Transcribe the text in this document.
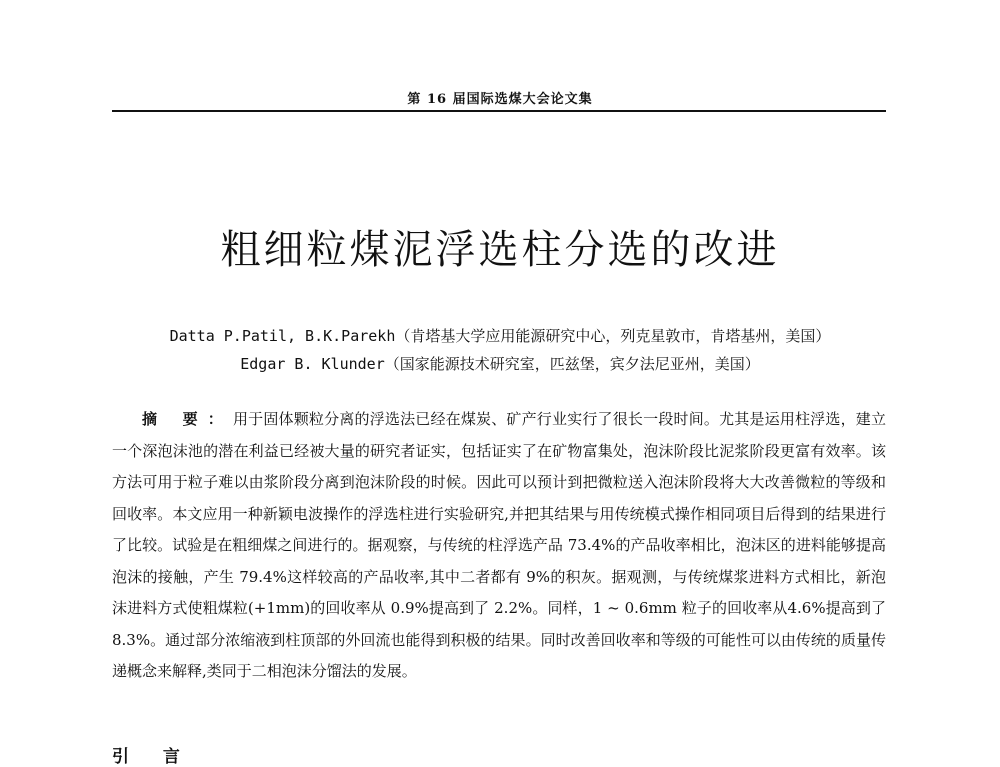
第 16 届国际选煤大会论文集
粗细粒煤泥浮选柱分选的改进
Datta P.Patil, B.K.Parekh（肯塔基大学应用能源研究中心，列克星敦市，肯塔基州，美国）
Edgar B. Klunder（国家能源技术研究室，匹兹堡，宾夕法尼亚州，美国）
摘 要：用于固体颗粒分离的浮选法已经在煤炭、矿产行业实行了很长一段时间。尤其是运用柱浮选，建立一个深泡沫池的潜在利益已经被大量的研究者证实，包括证实了在矿物富集处，泡沫阶段比泥浆阶段更富有效率。该方法可用于粒子难以由浆阶段分离到泡沫阶段的时候。因此可以预计到把微粒送入泡沫阶段将大大改善微粒的等级和回收率。本文应用一种新颖电波操作的浮选柱进行实验研究,并把其结果与用传统模式操作相同项目后得到的结果进行了比较。试验是在粗细煤之间进行的。据观察，与传统的柱浮选产品 73.4%的产品收率相比，泡沫区的进料能够提高泡沫的接触，产生 79.4%这样较高的产品收率,其中二者都有 9%的积灰。据观测，与传统煤浆进料方式相比，新泡沫进料方式使粗煤粒(+1mm)的回收率从 0.9%提高到了 2.2%。同样，1 ~ 0.6mm 粒子的回收率从4.6%提高到了 8.3%。通过部分浓缩液到柱顶部的外回流也能得到积极的结果。同时改善回收率和等级的可能性可以由传统的质量传递概念来解释,类同于二相泡沫分馏法的发展。
引 言
